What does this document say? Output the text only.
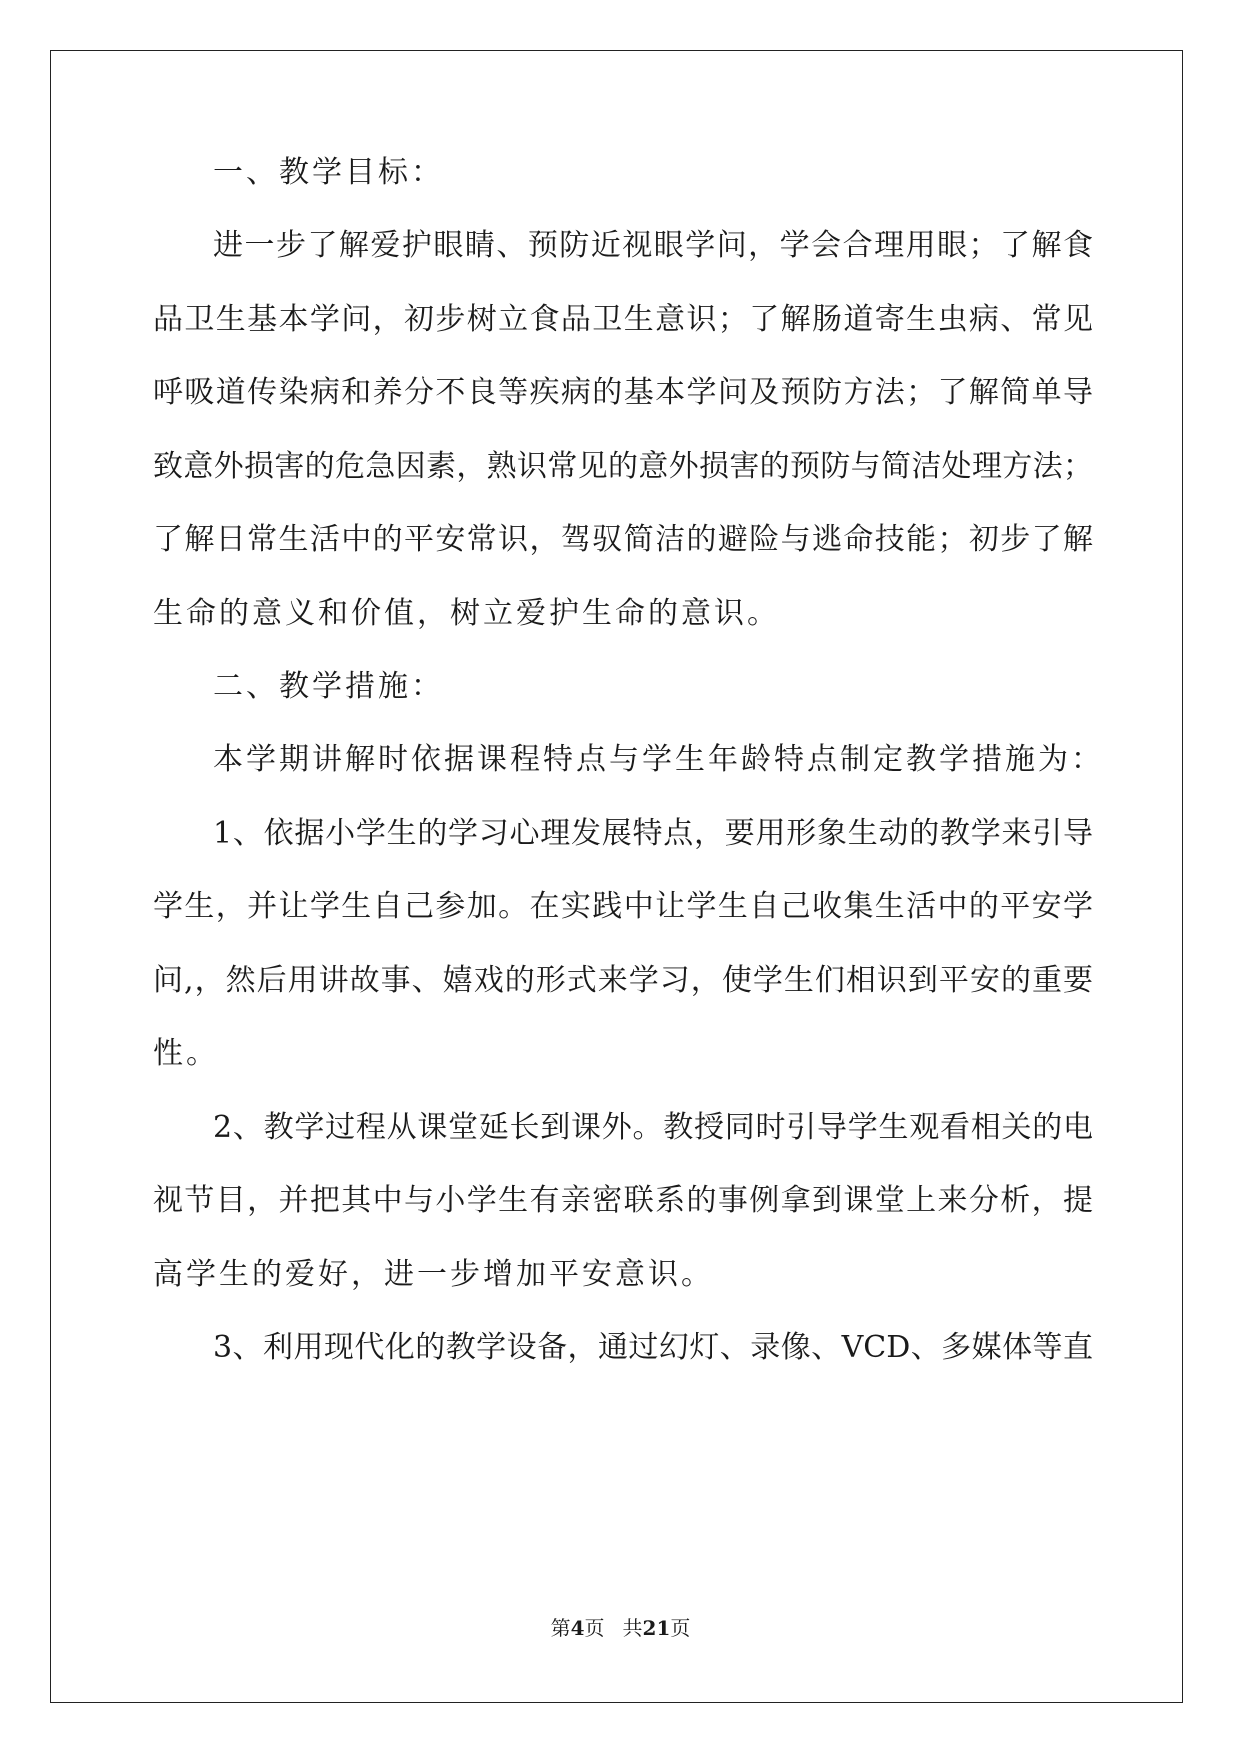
一、教学目标：
进一步了解爱护眼睛、预防近视眼学问，学会合理用眼；了解食
品卫生基本学问，初步树立食品卫生意识；了解肠道寄生虫病、常见
呼吸道传染病和养分不良等疾病的基本学问及预防方法；了解简单导
致意外损害的危急因素，熟识常见的意外损害的预防与简洁处理方法；
了解日常生活中的平安常识，驾驭简洁的避险与逃命技能；初步了解
生命的意义和价值，树立爱护生命的意识。
二、教学措施：
本学期讲解时依据课程特点与学生年龄特点制定教学措施为：
1、依据小学生的学习心理发展特点，要用形象生动的教学来引导
学生，并让学生自己参加。在实践中让学生自己收集生活中的平安学
问,，然后用讲故事、嬉戏的形式来学习，使学生们相识到平安的重要
性。
2、教学过程从课堂延长到课外。教授同时引导学生观看相关的电
视节目，并把其中与小学生有亲密联系的事例拿到课堂上来分析，提
高学生的爱好，进一步增加平安意识。
3、利用现代化的教学设备，通过幻灯、录像、VCD、多媒体等直
第4页 共21页
